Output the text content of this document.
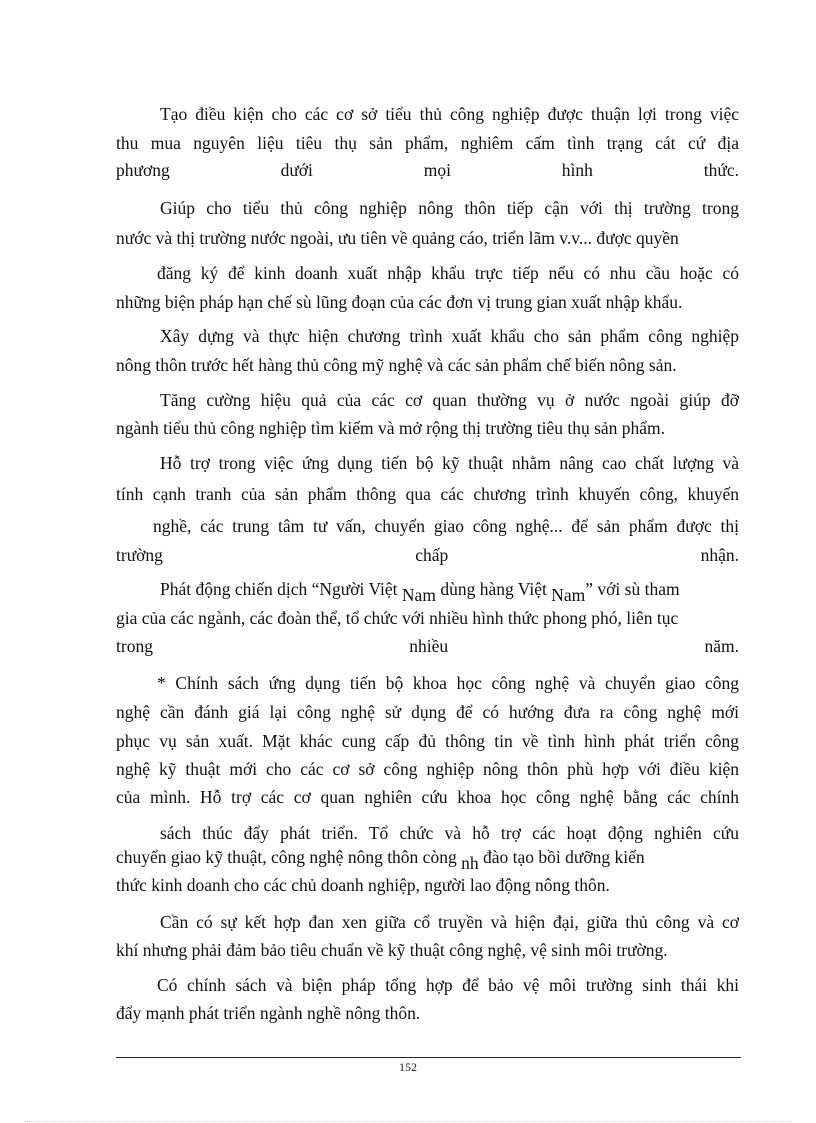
Tạo điều kiện cho các cơ sở tiểu thủ công nghiệp được thuận lợi trong việc
thu mua nguyên liệu tiêu thụ sản phẩm, nghiêm cấm tình trạng cát cứ địa
phương dưới mọi hình thức.
Giúp cho tiểu thủ công nghiệp nông thôn tiếp cận với thị trường trong
nước và thị trường nước ngoài, ưu tiên về quảng cáo, triển lãm v.v... được quyền
đăng ký để kinh doanh xuất nhập khẩu trực tiếp nếu có nhu cầu hoặc có
những biện pháp hạn chế sù lũng đoạn của các đơn vị trung gian xuất nhập khẩu.
Xây dựng và thực hiện chương trình xuất khẩu cho sản phẩm công nghiệp
nông thôn trước hết hàng thủ công mỹ nghệ và các sản phẩm chế biến nông sản.
Tăng cường hiệu quả của các cơ quan thường vụ ở nước ngoài giúp đỡ
ngành tiểu thủ công nghiệp tìm kiếm và mở rộng thị trường tiêu thụ sản phẩm.
Hỗ trợ trong việc ứng dụng tiến bộ kỹ thuật nhằm nâng cao chất lượng và
tính cạnh tranh của sản phẩm thông qua các chương trình khuyến công, khuyến
nghề, các trung tâm tư vấn, chuyển giao công nghệ... để sản phẩm được thị
trường chấp nhận.
Phát động chiến dịch “Người Việt Nam dùng hàng Việt Nam” với sù tham
gia của các ngành, các đoàn thể, tổ chức với nhiều hình thức phong phó, liên tục
trong nhiều năm.
* Chính sách ứng dụng tiến bộ khoa học công nghệ và chuyển giao công
nghệ cần đánh giá lại công nghệ sử dụng để có hướng đưa ra công nghệ mới
phục vụ sản xuất. Mặt khác cung cấp đủ thông tin về tình hình phát triển công
nghệ kỹ thuật mới cho các cơ sở công nghiệp nông thôn phù hợp với điều kiện
của mình. Hỗ trợ các cơ quan nghiên cứu khoa học công nghệ bằng các chính
sách thúc đẩy phát triển. Tổ chức và hỗ trợ các hoạt động nghiên cứu
chuyển giao kỹ thuật, công nghệ nông thôn còng nh đào tạo bồi dưỡng kiến
thức kinh doanh cho các chủ doanh nghiệp, người lao động nông thôn.
Cần có sự kết hợp đan xen giữa cổ truyền và hiện đại, giữa thủ công và cơ
khí nhưng phải đảm bảo tiêu chuẩn về kỹ thuật công nghệ, vệ sinh môi trường.
Có chính sách và biện pháp tổng hợp để bảo vệ môi trường sinh thái khi
đẩy mạnh phát triển ngành nghề nông thôn.
152
